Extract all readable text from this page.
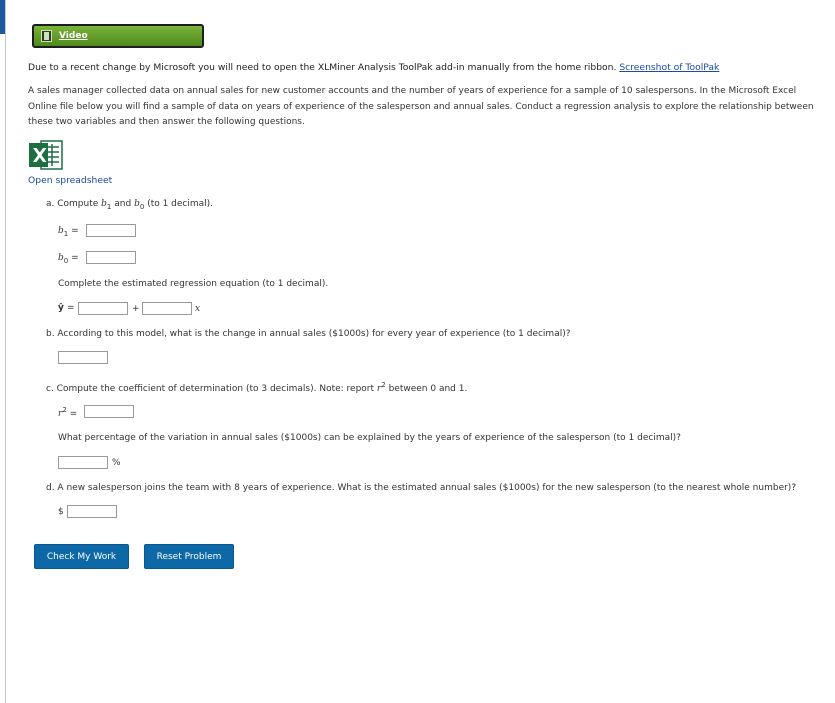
Video
Due to a recent change by Microsoft you will need to open the XLMiner Analysis ToolPak add-in manually from the home ribbon. Screenshot of ToolPak
A sales manager collected data on annual sales for new customer accounts and the number of years of experience for a sample of 10 salespersons. In the Microsoft Excel Online file below you will find a sample of data on years of experience of the salesperson and annual sales. Conduct a regression analysis to explore the relationship between these two variables and then answer the following questions.
Open spreadsheet
a. Compute $b_1$ and $b_0$ (to 1 decimal).
$b_1$ =
$b_0$ =
Complete the estimated regression equation (to 1 decimal).
ŷ =	+	x
b. According to this model, what is the change in annual sales ($1000s) for every year of experience (to 1 decimal)?
c. Compute the coefficient of determination (to 3 decimals). Note: report $r^2$ between 0 and 1.
$r^2$ =
What percentage of the variation in annual sales ($1000s) can be explained by the years of experience of the salesperson (to 1 decimal)?
%
d. A new salesperson joins the team with 8 years of experience. What is the estimated annual sales ($1000s) for the new salesperson (to the nearest whole number)?
$
Check My Work	Reset Problem
